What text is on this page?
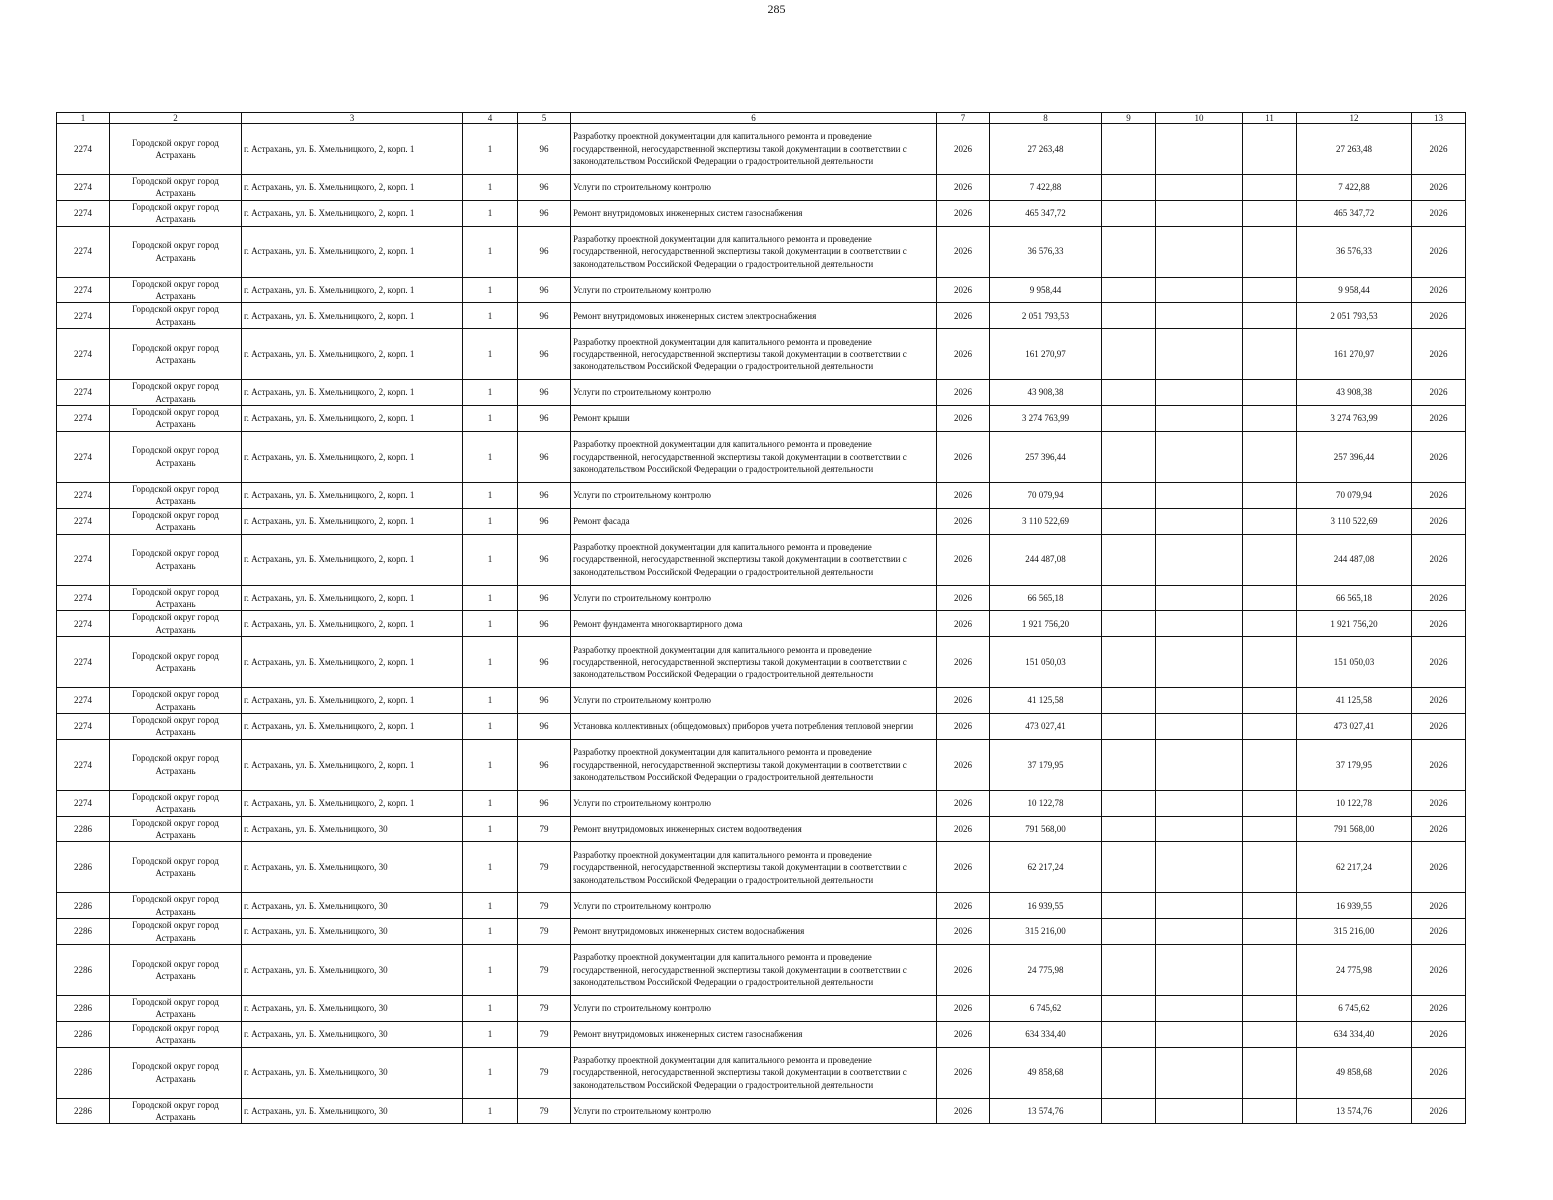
285
1	2	3	4	5	6	7	8	9	10	11	12	13
2274	Городской округ город Астрахань	г. Астрахань, ул. Б. Хмельницкого, 2, корп. 1	1	96	Разработку проектной документации для капитального ремонта и проведение государственной, негосударственной экспертизы такой документации в соответствии с законодательством Российской Федерации о градостроительной деятельности	2026	27 263,48				27 263,48	2026
2274	Городской округ город Астрахань	г. Астрахань, ул. Б. Хмельницкого, 2, корп. 1	1	96	Услуги по строительному контролю	2026	7 422,88				7 422,88	2026
2274	Городской округ город Астрахань	г. Астрахань, ул. Б. Хмельницкого, 2, корп. 1	1	96	Ремонт внутридомовых инженерных систем газоснабжения	2026	465 347,72				465 347,72	2026
2274	Городской округ город Астрахань	г. Астрахань, ул. Б. Хмельницкого, 2, корп. 1	1	96	Разработку проектной документации для капитального ремонта и проведение государственной, негосударственной экспертизы такой документации в соответствии с законодательством Российской Федерации о градостроительной деятельности	2026	36 576,33				36 576,33	2026
2274	Городской округ город Астрахань	г. Астрахань, ул. Б. Хмельницкого, 2, корп. 1	1	96	Услуги по строительному контролю	2026	9 958,44				9 958,44	2026
2274	Городской округ город Астрахань	г. Астрахань, ул. Б. Хмельницкого, 2, корп. 1	1	96	Ремонт внутридомовых инженерных систем электроснабжения	2026	2 051 793,53				2 051 793,53	2026
2274	Городской округ город Астрахань	г. Астрахань, ул. Б. Хмельницкого, 2, корп. 1	1	96	Разработку проектной документации для капитального ремонта и проведение государственной, негосударственной экспертизы такой документации в соответствии с законодательством Российской Федерации о градостроительной деятельности	2026	161 270,97				161 270,97	2026
2274	Городской округ город Астрахань	г. Астрахань, ул. Б. Хмельницкого, 2, корп. 1	1	96	Услуги по строительному контролю	2026	43 908,38				43 908,38	2026
2274	Городской округ город Астрахань	г. Астрахань, ул. Б. Хмельницкого, 2, корп. 1	1	96	Ремонт крыши	2026	3 274 763,99				3 274 763,99	2026
2274	Городской округ город Астрахань	г. Астрахань, ул. Б. Хмельницкого, 2, корп. 1	1	96	Разработку проектной документации для капитального ремонта и проведение государственной, негосударственной экспертизы такой документации в соответствии с законодательством Российской Федерации о градостроительной деятельности	2026	257 396,44				257 396,44	2026
2274	Городской округ город Астрахань	г. Астрахань, ул. Б. Хмельницкого, 2, корп. 1	1	96	Услуги по строительному контролю	2026	70 079,94				70 079,94	2026
2274	Городской округ город Астрахань	г. Астрахань, ул. Б. Хмельницкого, 2, корп. 1	1	96	Ремонт фасада	2026	3 110 522,69				3 110 522,69	2026
2274	Городской округ город Астрахань	г. Астрахань, ул. Б. Хмельницкого, 2, корп. 1	1	96	Разработку проектной документации для капитального ремонта и проведение государственной, негосударственной экспертизы такой документации в соответствии с законодательством Российской Федерации о градостроительной деятельности	2026	244 487,08				244 487,08	2026
2274	Городской округ город Астрахань	г. Астрахань, ул. Б. Хмельницкого, 2, корп. 1	1	96	Услуги по строительному контролю	2026	66 565,18				66 565,18	2026
2274	Городской округ город Астрахань	г. Астрахань, ул. Б. Хмельницкого, 2, корп. 1	1	96	Ремонт фундамента многоквартирного дома	2026	1 921 756,20				1 921 756,20	2026
2274	Городской округ город Астрахань	г. Астрахань, ул. Б. Хмельницкого, 2, корп. 1	1	96	Разработку проектной документации для капитального ремонта и проведение государственной, негосударственной экспертизы такой документации в соответствии с законодательством Российской Федерации о градостроительной деятельности	2026	151 050,03				151 050,03	2026
2274	Городской округ город Астрахань	г. Астрахань, ул. Б. Хмельницкого, 2, корп. 1	1	96	Услуги по строительному контролю	2026	41 125,58				41 125,58	2026
2274	Городской округ город Астрахань	г. Астрахань, ул. Б. Хмельницкого, 2, корп. 1	1	96	Установка коллективных (общедомовых) приборов учета потребления тепловой энергии	2026	473 027,41				473 027,41	2026
2274	Городской округ город Астрахань	г. Астрахань, ул. Б. Хмельницкого, 2, корп. 1	1	96	Разработку проектной документации для капитального ремонта и проведение государственной, негосударственной экспертизы такой документации в соответствии с законодательством Российской Федерации о градостроительной деятельности	2026	37 179,95				37 179,95	2026
2274	Городской округ город Астрахань	г. Астрахань, ул. Б. Хмельницкого, 2, корп. 1	1	96	Услуги по строительному контролю	2026	10 122,78				10 122,78	2026
2286	Городской округ город Астрахань	г. Астрахань, ул. Б. Хмельницкого, 30	1	79	Ремонт внутридомовых инженерных систем водоотведения	2026	791 568,00				791 568,00	2026
2286	Городской округ город Астрахань	г. Астрахань, ул. Б. Хмельницкого, 30	1	79	Разработку проектной документации для капитального ремонта и проведение государственной, негосударственной экспертизы такой документации в соответствии с законодательством Российской Федерации о градостроительной деятельности	2026	62 217,24				62 217,24	2026
2286	Городской округ город Астрахань	г. Астрахань, ул. Б. Хмельницкого, 30	1	79	Услуги по строительному контролю	2026	16 939,55				16 939,55	2026
2286	Городской округ город Астрахань	г. Астрахань, ул. Б. Хмельницкого, 30	1	79	Ремонт внутридомовых инженерных систем водоснабжения	2026	315 216,00				315 216,00	2026
2286	Городской округ город Астрахань	г. Астрахань, ул. Б. Хмельницкого, 30	1	79	Разработку проектной документации для капитального ремонта и проведение государственной, негосударственной экспертизы такой документации в соответствии с законодательством Российской Федерации о градостроительной деятельности	2026	24 775,98				24 775,98	2026
2286	Городской округ город Астрахань	г. Астрахань, ул. Б. Хмельницкого, 30	1	79	Услуги по строительному контролю	2026	6 745,62				6 745,62	2026
2286	Городской округ город Астрахань	г. Астрахань, ул. Б. Хмельницкого, 30	1	79	Ремонт внутридомовых инженерных систем газоснабжения	2026	634 334,40				634 334,40	2026
2286	Городской округ город Астрахань	г. Астрахань, ул. Б. Хмельницкого, 30	1	79	Разработку проектной документации для капитального ремонта и проведение государственной, негосударственной экспертизы такой документации в соответствии с законодательством Российской Федерации о градостроительной деятельности	2026	49 858,68				49 858,68	2026
2286	Городской округ город Астрахань	г. Астрахань, ул. Б. Хмельницкого, 30	1	79	Услуги по строительному контролю	2026	13 574,76				13 574,76	2026
